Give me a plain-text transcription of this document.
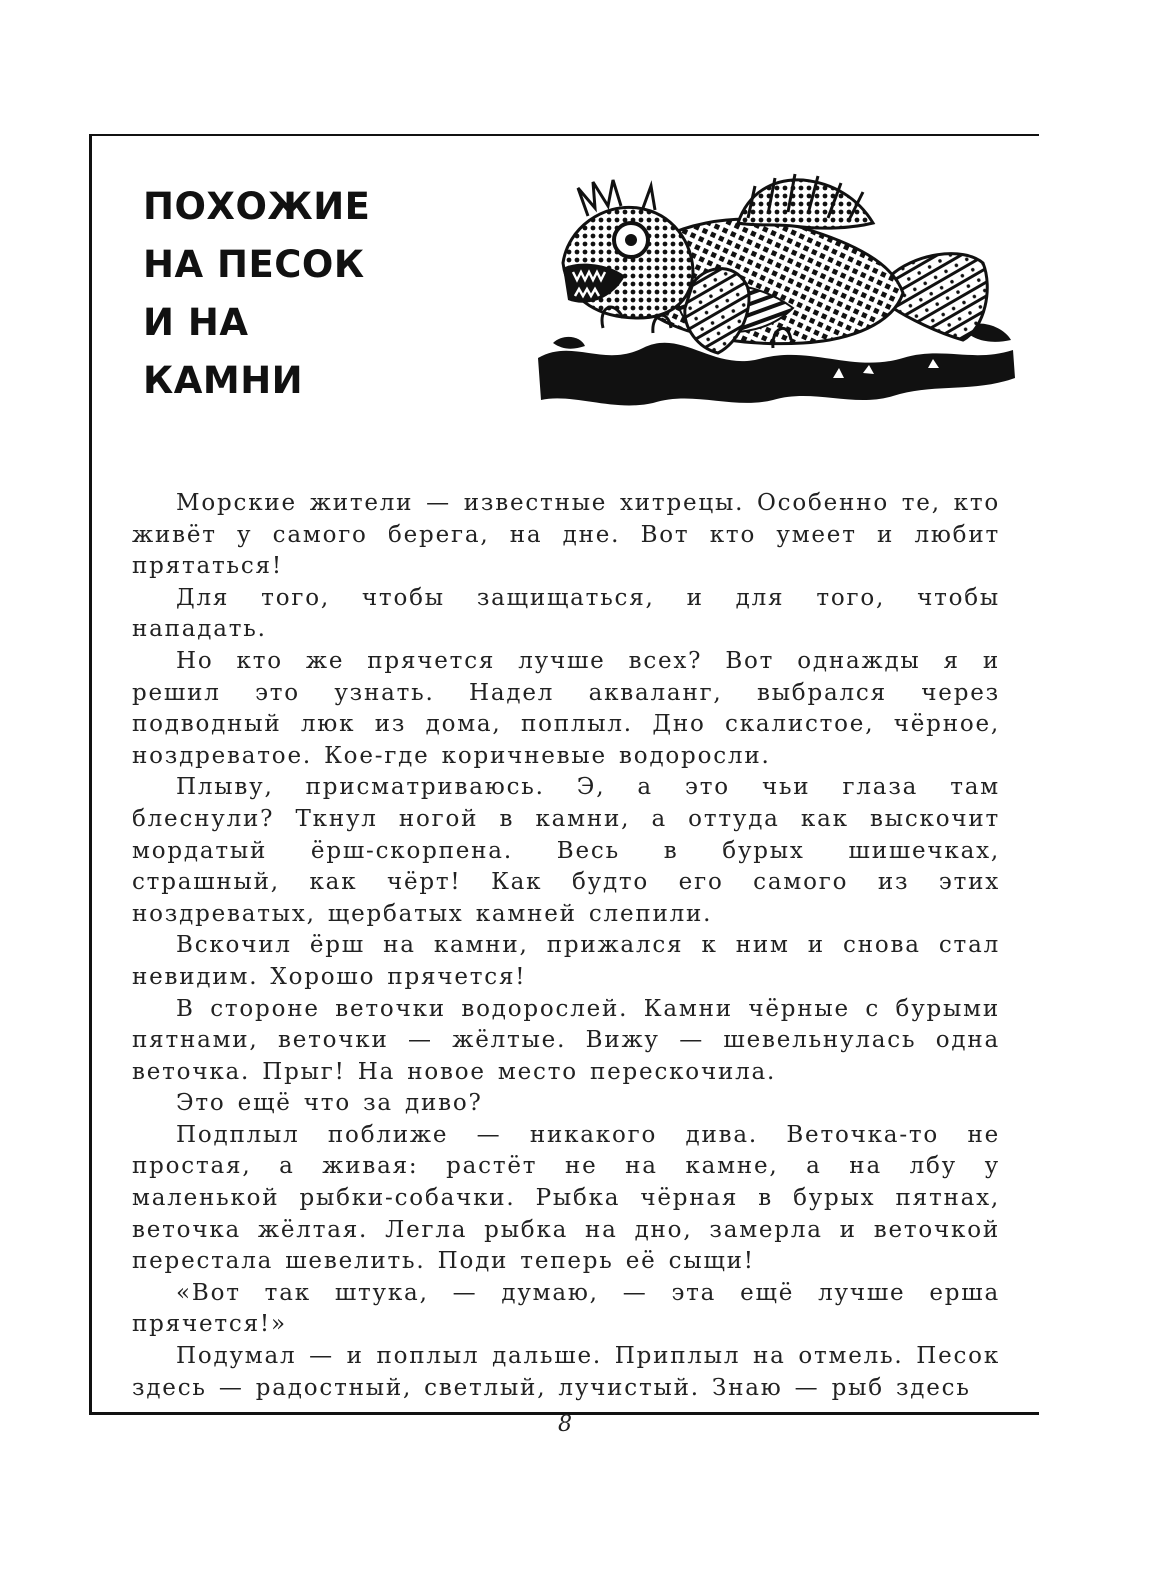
ПОХОЖИЕ
НА ПЕСОК
И НА
КАМНИ

Морские жители — известные хитрецы. Особенно те, кто живёт у самого берега, на дне. Вот кто умеет и любит прятаться!

Для того, чтобы защищаться, и для того, чтобы нападать.

Но кто же прячется лучше всех? Вот однажды я и решил это узнать. Надел акваланг, выбрался через подводный люк из дома, поплыл. Дно скалистое, чёрное, ноздреватое. Кое-где коричневые водоросли.

Плыву, присматриваюсь. Э, а это чьи глаза там блеснули? Ткнул ногой в камни, а оттуда как выскочит мордатый ёрш-скорпена. Весь в бурых шишечках, страшный, как чёрт! Как будто его самого из этих ноздреватых, щербатых камней слепили.

Вскочил ёрш на камни, прижался к ним и снова стал невидим. Хорошо прячется!

В стороне веточки водорослей. Камни чёрные с бурыми пятнами, веточки — жёлтые. Вижу — шевельнулась одна веточка. Прыг! На новое место перескочила.

Это ещё что за диво?

Подплыл поближе — никакого дива. Веточка-то не простая, а живая: растёт не на камне, а на лбу у маленькой рыбки-собачки. Рыбка чёрная в бурых пятнах, веточка жёлтая. Легла рыбка на дно, замерла и веточкой перестала шевелить. Поди теперь её сыщи!

«Вот так штука, — думаю, — эта ещё лучше ерша прячется!»

Подумал — и поплыл дальше. Приплыл на отмель. Песок здесь — радостный, светлый, лучистый. Знаю — рыб здесь

8
